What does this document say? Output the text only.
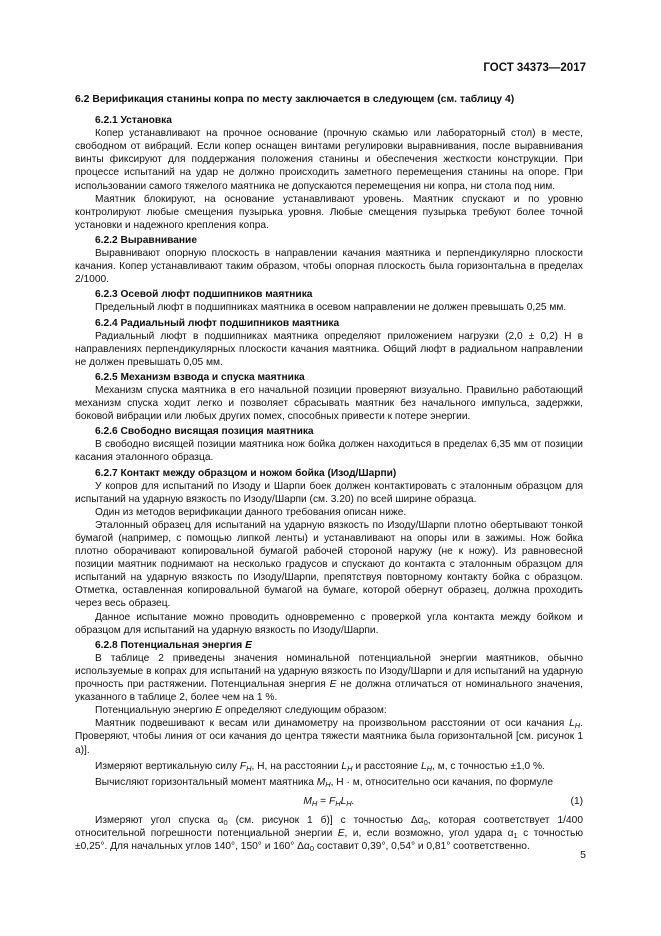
ГОСТ 34373—2017

6.2 Верификация станины копра по месту заключается в следующем (см. таблицу 4)

6.2.1 Установка

Копер устанавливают на прочное основание (прочную скамью или лабораторный стол) в месте, свободном от вибраций. Если копер оснащен винтами регулировки выравнивания, после выравнивания винты фиксируют для поддержания положения станины и обеспечения жесткости конструкции. При процессе испытаний на удар не должно происходить заметного перемещения станины на опоре. При использовании самого тяжелого маятника не допускаются перемещения ни копра, ни стола под ним.

Маятник блокируют, на основание устанавливают уровень. Маятник спускают и по уровню контролируют любые смещения пузырька уровня. Любые смещения пузырька требуют более точной установки и надежного крепления копра.

6.2.2 Выравнивание

Выравнивают опорную плоскость в направлении качания маятника и перпендикулярно плоскости качания. Копер устанавливают таким образом, чтобы опорная плоскость была горизонтальна в пределах 2/1000.

6.2.3 Осевой люфт подшипников маятника

Предельный люфт в подшипниках маятника в осевом направлении не должен превышать 0,25 мм.

6.2.4 Радиальный люфт подшипников маятника

Радиальный люфт в подшипниках маятника определяют приложением нагрузки (2,0 ± 0,2) Н в направлениях перпендикулярных плоскости качания маятника. Общий люфт в радиальном направлении не должен превышать 0,05 мм.

6.2.5 Механизм взвода и спуска маятника

Механизм спуска маятника в его начальной позиции проверяют визуально. Правильно работающий механизм спуска ходит легко и позволяет сбрасывать маятник без начального импульса, задержки, боковой вибрации или любых других помех, способных привести к потере энергии.

6.2.6 Свободно висящая позиция маятника

В свободно висящей позиции маятника нож бойка должен находиться в пределах 6,35 мм от позиции касания эталонного образца.

6.2.7 Контакт между образцом и ножом бойка (Изод/Шарпи)

У копров для испытаний по Изоду и Шарпи боек должен контактировать с эталонным образцом для испытаний на ударную вязкость по Изоду/Шарпи (см. 3.20) по всей ширине образца.

Один из методов верификации данного требования описан ниже.

Эталонный образец для испытаний на ударную вязкость по Изоду/Шарпи плотно обертывают тонкой бумагой (например, с помощью липкой ленты) и устанавливают на опоры или в зажимы. Нож бойка плотно оборачивают копировальной бумагой рабочей стороной наружу (не к ножу). Из равновесной позиции маятник поднимают на несколько градусов и спускают до контакта с эталонным образцом для испытаний на ударную вязкость по Изоду/Шарпи, препятствуя повторному контакту бойка с образцом. Отметка, оставленная копировальной бумагой на бумаге, которой обернут образец, должна проходить через весь образец.

Данное испытание можно проводить одновременно с проверкой угла контакта между бойком и образцом для испытаний на ударную вязкость по Изоду/Шарпи.

6.2.8 Потенциальная энергия E

В таблице 2 приведены значения номинальной потенциальной энергии маятников, обычно используемые в копрах для испытаний на ударную вязкость по Изоду/Шарпи и для испытаний на ударную прочность при растяжении. Потенциальная энергия E не должна отличаться от номинального значения, указанного в таблице 2, более чем на 1 %.

Потенциальную энергию E определяют следующим образом:

Маятник подвешивают к весам или динамометру на произвольном расстоянии от оси качания $L_H$. Проверяют, чтобы линия от оси качания до центра тяжести маятника была горизонтальной [см. рисунок 1 а)].

Измеряют вертикальную силу $F_H$, Н, на расстоянии $L_H$ и расстояние $L_H$, м, с точностью ±1,0 %.

Вычисляют горизонтальный момент маятника $M_H$, Н · м, относительно оси качания, по формуле

$M_H = F_HL_H$.	(1)

Измеряют угол спуска $\alpha_0$ (см. рисунок 1 б)] с точностью $\Delta\alpha_0$, которая соответствует 1/400 относительной погрешности потенциальной энергии E, и, если возможно, угол удара $\alpha_1$ с точностью ±0,25°. Для начальных углов 140°, 150° и 160° $\Delta\alpha_0$ составит 0,39°, 0,54° и 0,81° соответственно.

5
